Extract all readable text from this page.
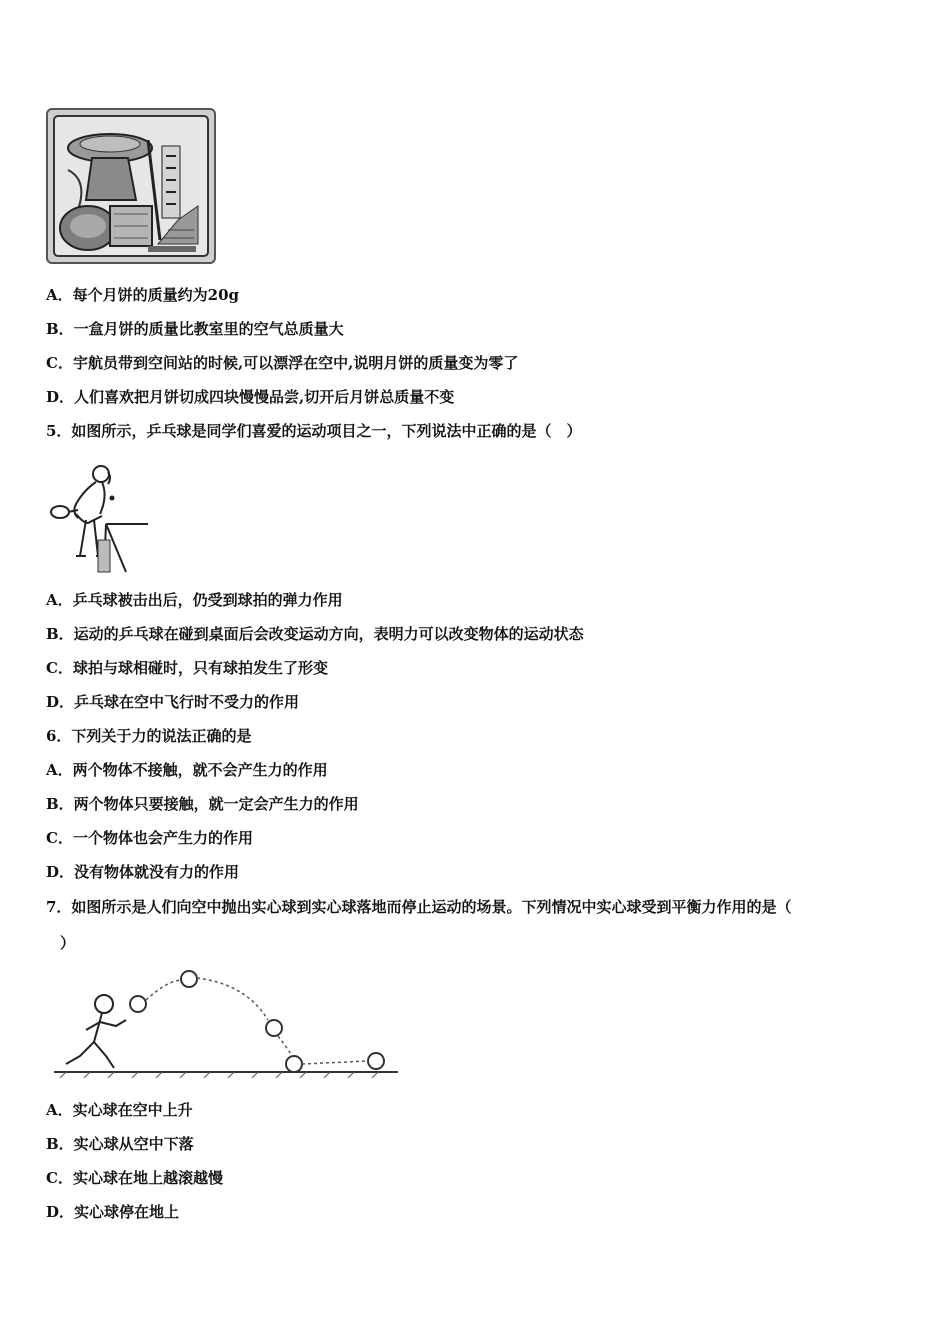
A．每个月饼的质量约为20g
B．一盒月饼的质量比教室里的空气总质量大
C．宇航员带到空间站的时候,可以漂浮在空中,说明月饼的质量变为零了
D．人们喜欢把月饼切成四块慢慢品尝,切开后月饼总质量不变
5．如图所示，乒乓球是同学们喜爱的运动项目之一，下列说法中正确的是（　）
A．乒乓球被击出后，仍受到球拍的弹力作用
B．运动的乒乓球在碰到桌面后会改变运动方向，表明力可以改变物体的运动状态
C．球拍与球相碰时，只有球拍发生了形变
D．乒乓球在空中飞行时不受力的作用
6．下列关于力的说法正确的是
A．两个物体不接触，就不会产生力的作用
B．两个物体只要接触，就一定会产生力的作用
C．一个物体也会产生力的作用
D．没有物体就没有力的作用
7．如图所示是人们向空中抛出实心球到实心球落地而停止运动的场景。下列情况中实心球受到平衡力作用的是（
）
A．实心球在空中上升
B．实心球从空中下落
C．实心球在地上越滚越慢
D．实心球停在地上
